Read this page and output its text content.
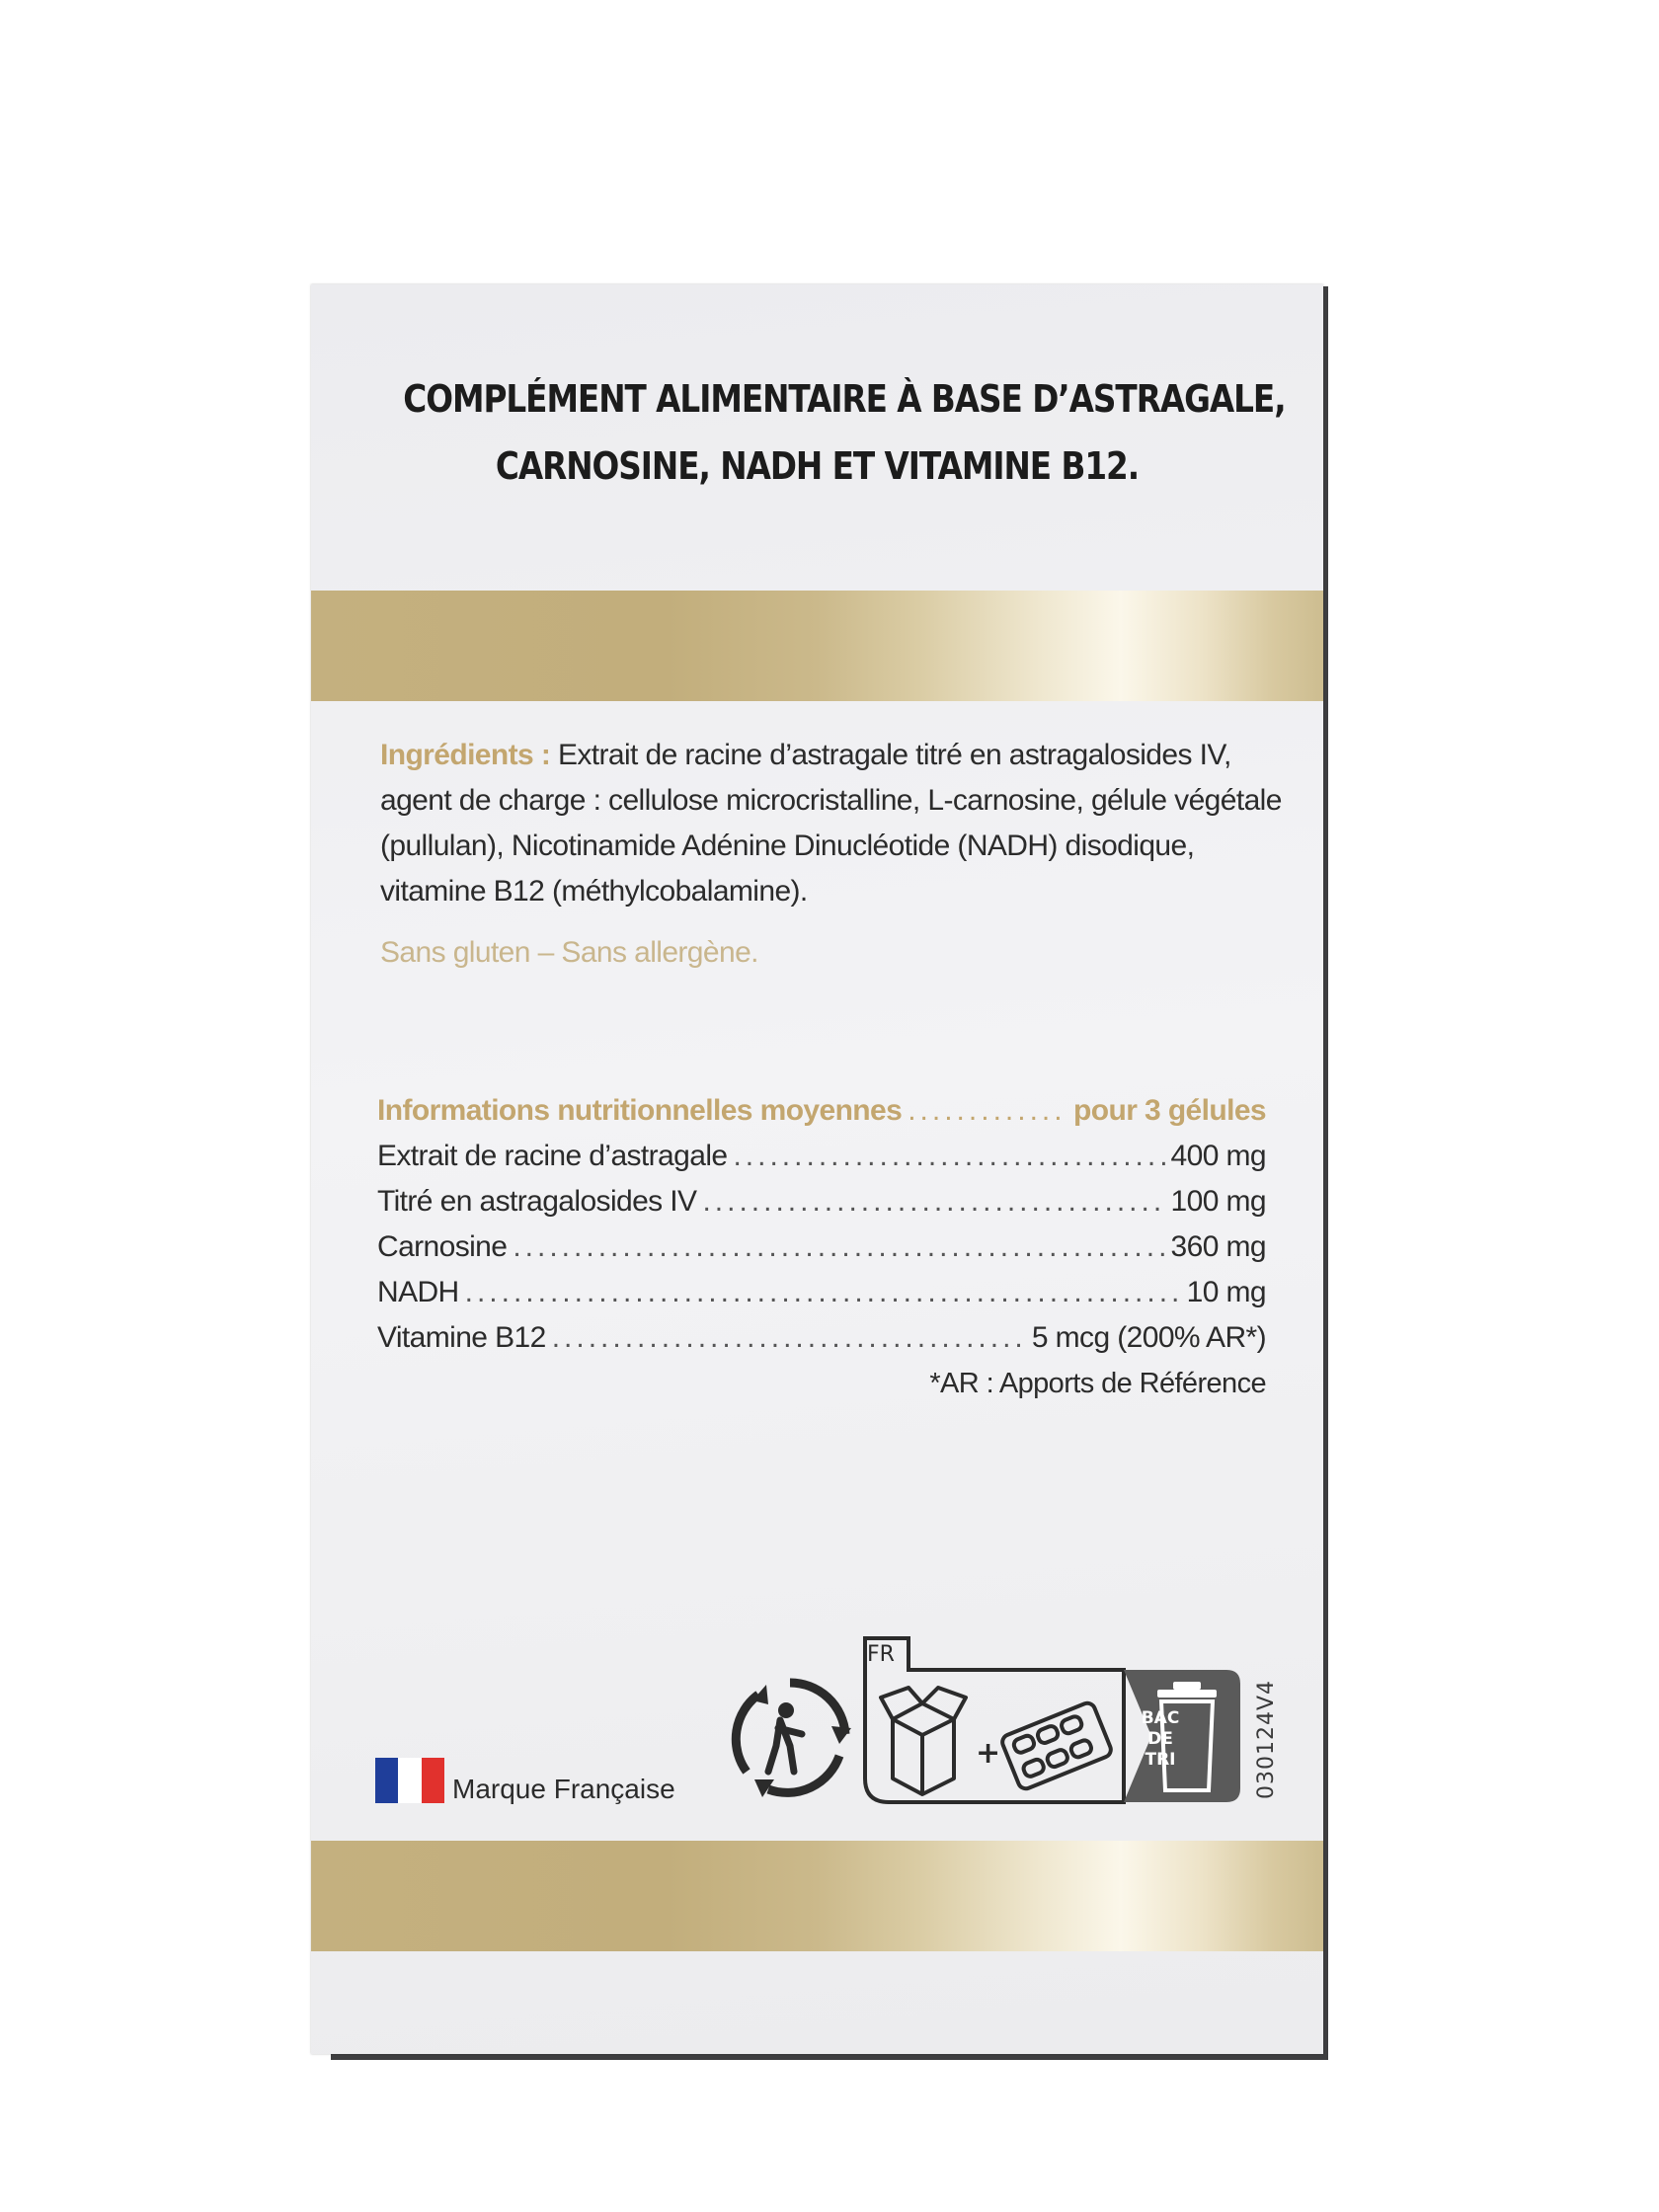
COMPLÉMENT ALIMENTAIRE À BASE D’ASTRAGALE,
CARNOSINE, NADH ET VITAMINE B12.
Ingrédients : Extrait de racine d’astragale titré en astragalosides IV, agent de charge : cellulose microcristalline, L-carnosine, gélule végétale (pullulan), Nicotinamide Adénine Dinucléotide (NADH) disodique, vitamine B12 (méthylcobalamine).
Sans gluten – Sans allergène.
Informations nutritionnelles moyennes .....	pour 3 gélules
Extrait de racine d’astragale .....	400 mg
Titré en astragalosides IV .....	100 mg
Carnosine .....	360 mg
NADH .....	10 mg
Vitamine B12 .....	5 mcg (200% AR*)
*AR : Apports de Référence
Marque Française
+
FR
BAC
DE
TRI	030124V4
